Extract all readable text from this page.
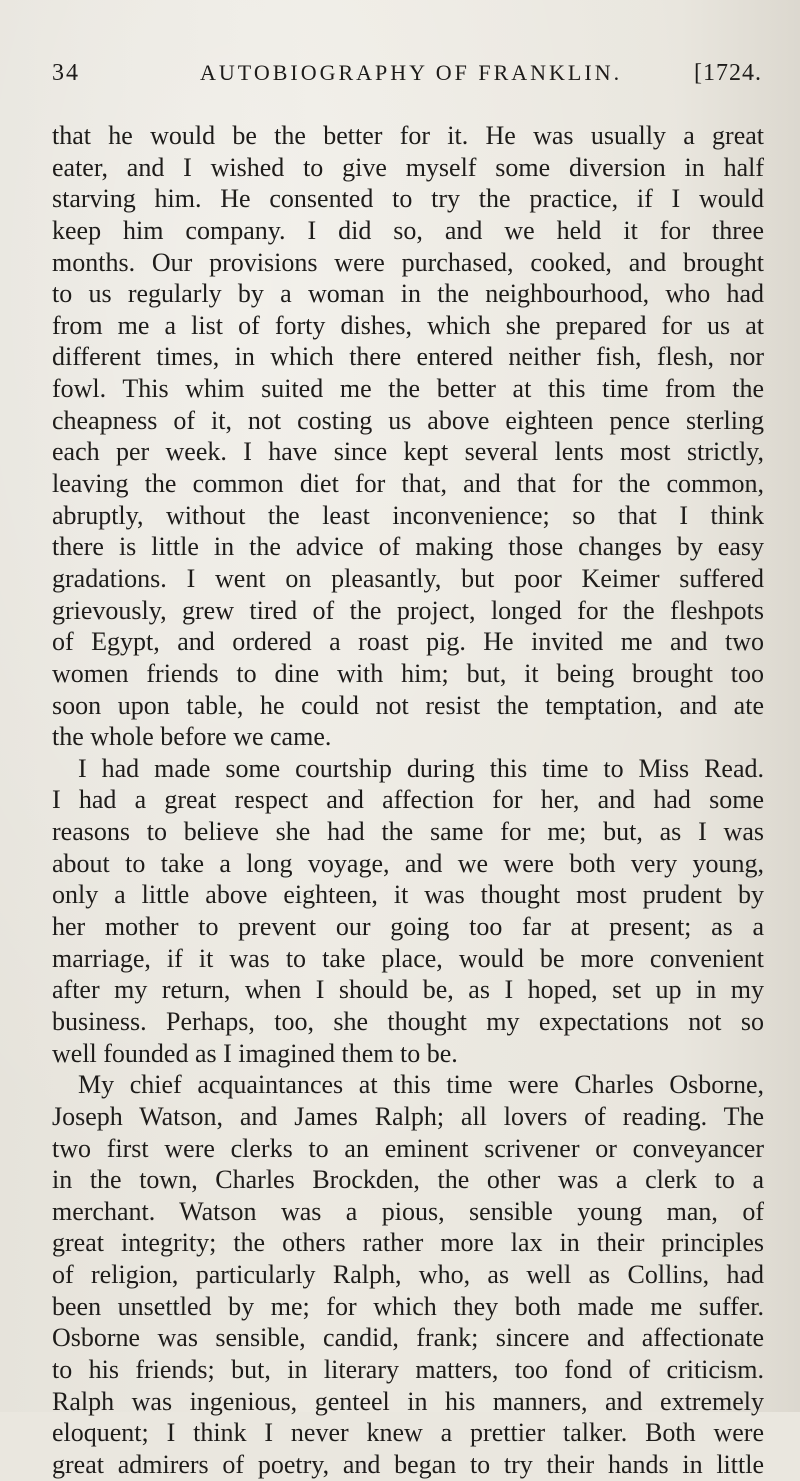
34	AUTOBIOGRAPHY OF FRANKLIN.	[1724.
that he would be the better for it. He was usually a great
eater, and I wished to give myself some diversion in half
starving him. He consented to try the practice, if I would
keep him company. I did so, and we held it for three
months. Our provisions were purchased, cooked, and brought
to us regularly by a woman in the neighbourhood, who had
from me a list of forty dishes, which she prepared for us at
different times, in which there entered neither fish, flesh, nor
fowl. This whim suited me the better at this time from the
cheapness of it, not costing us above eighteen pence sterling
each per week. I have since kept several lents most strictly,
leaving the common diet for that, and that for the common,
abruptly, without the least inconvenience; so that I think
there is little in the advice of making those changes by easy
gradations. I went on pleasantly, but poor Keimer suffered
grievously, grew tired of the project, longed for the fleshpots
of Egypt, and ordered a roast pig. He invited me and two
women friends to dine with him; but, it being brought too
soon upon table, he could not resist the temptation, and ate
the whole before we came.
I had made some courtship during this time to Miss Read.
I had a great respect and affection for her, and had some
reasons to believe she had the same for me; but, as I was
about to take a long voyage, and we were both very young,
only a little above eighteen, it was thought most prudent by
her mother to prevent our going too far at present; as a
marriage, if it was to take place, would be more convenient
after my return, when I should be, as I hoped, set up in my
business. Perhaps, too, she thought my expectations not so
well founded as I imagined them to be.
My chief acquaintances at this time were Charles Osborne,
Joseph Watson, and James Ralph; all lovers of reading. The
two first were clerks to an eminent scrivener or conveyancer
in the town, Charles Brockden, the other was a clerk to a
merchant. Watson was a pious, sensible young man, of
great integrity; the others rather more lax in their principles
of religion, particularly Ralph, who, as well as Collins, had
been unsettled by me; for which they both made me suffer.
Osborne was sensible, candid, frank; sincere and affectionate
to his friends; but, in literary matters, too fond of criticism.
Ralph was ingenious, genteel in his manners, and extremely
eloquent; I think I never knew a prettier talker. Both were
great admirers of poetry, and began to try their hands in little
